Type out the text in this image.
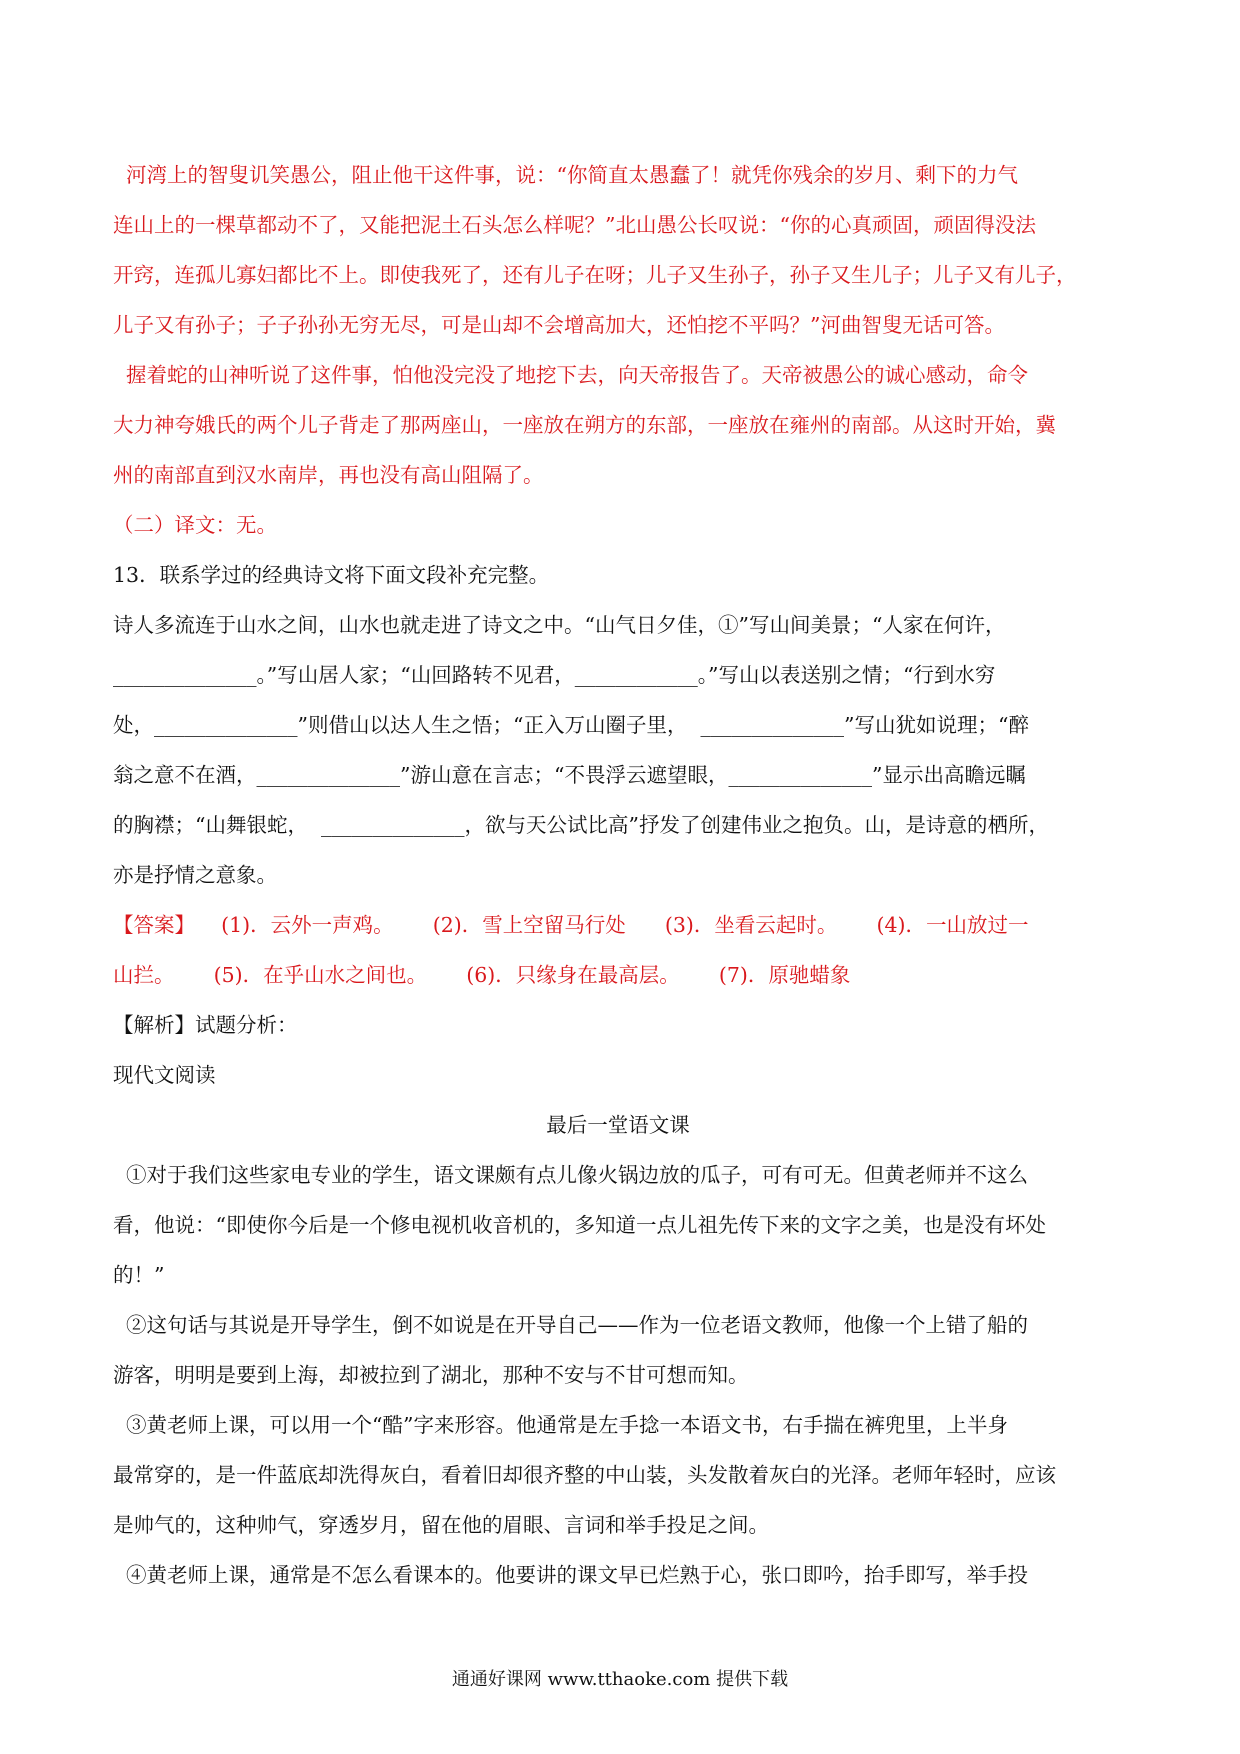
河湾上的智叟讥笑愚公，阻止他干这件事，说：“你简直太愚蠢了！就凭你残余的岁月、剩下的力气
连山上的一棵草都动不了，又能把泥土石头怎么样呢？”北山愚公长叹说：“你的心真顽固，顽固得没法
开窍，连孤儿寡妇都比不上。即使我死了，还有儿子在呀；儿子又生孙子，孙子又生儿子；儿子又有儿子，
儿子又有孙子；子子孙孙无穷无尽，可是山却不会增高加大，还怕挖不平吗？”河曲智叟无话可答。
握着蛇的山神听说了这件事，怕他没完没了地挖下去，向天帝报告了。天帝被愚公的诚心感动，命令
大力神夸娥氏的两个儿子背走了那两座山，一座放在朔方的东部，一座放在雍州的南部。从这时开始，冀
州的南部直到汉水南岸，再也没有高山阻隔了。
（二）译文：无。
13．联系学过的经典诗文将下面文段补充完整。
诗人多流连于山水之间，山水也就走进了诗文之中。“山气日夕佳，①”写山间美景；“人家在何许，
______________。”写山居人家；“山回路转不见君，____________。”写山以表送别之情；“行到水穷
处，______________”则借山以达人生之悟；“正入万山圈子里，  ______________”写山犹如说理；“醉
翁之意不在酒，______________”游山意在言志；“不畏浮云遮望眼，______________”显示出高瞻远瞩
的胸襟；“山舞银蛇，  ______________，欲与天公试比高”抒发了创建伟业之抱负。山，是诗意的栖所，
亦是抒情之意象。
【答案】    (1)．云外一声鸡。      (2)．雪上空留马行处      (3)．坐看云起时。      (4)．一山放过一
山拦。      (5)．在乎山水之间也。      (6)．只缘身在最高层。      (7)．原驰蜡象
【解析】试题分析：
现代文阅读
最后一堂语文课
①对于我们这些家电专业的学生，语文课颇有点儿像火锅边放的瓜子，可有可无。但黄老师并不这么
看，他说：“即使你今后是一个修电视机收音机的，多知道一点儿祖先传下来的文字之美，也是没有坏处
的！”
②这句话与其说是开导学生，倒不如说是在开导自己——作为一位老语文教师，他像一个上错了船的
游客，明明是要到上海，却被拉到了湖北，那种不安与不甘可想而知。
③黄老师上课，可以用一个“酷”字来形容。他通常是左手捻一本语文书，右手揣在裤兜里，上半身
最常穿的，是一件蓝底却洗得灰白，看着旧却很齐整的中山装，头发散着灰白的光泽。老师年轻时，应该
是帅气的，这种帅气，穿透岁月，留在他的眉眼、言词和举手投足之间。
④黄老师上课，通常是不怎么看课本的。他要讲的课文早已烂熟于心，张口即吟，抬手即写，举手投
通通好课网 www.tthaoke.com 提供下载
